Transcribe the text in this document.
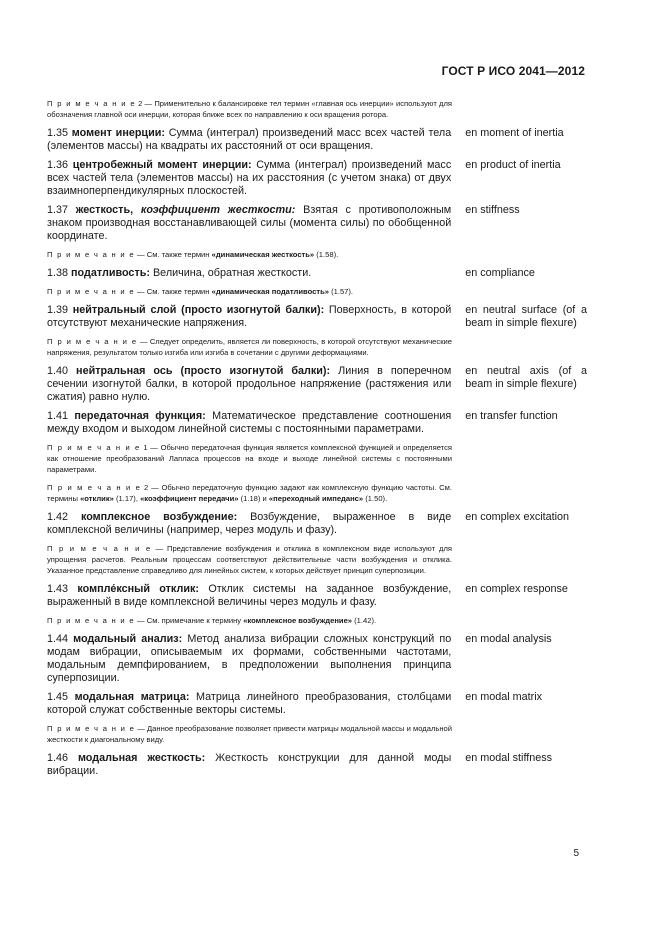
ГОСТ Р ИСО 2041—2012
П р и м е ч а н и е 2 — Применительно к балансировке тел термин «главная ось инерции» используют для обозначения главной оси инерции, которая ближе всех по направлению к оси вращения ротора.
1.35 момент инерции: Сумма (интеграл) произведений масс всех частей тела (элементов массы) на квадраты их расстояний от оси вращения.
en moment of inertia
1.36 центробежный момент инерции: Сумма (интеграл) произведений масс всех частей тела (элементов массы) на их расстояния (с учетом знака) от двух взаимноперпендикулярных плоскостей.
en product of inertia
1.37 жесткость, коэффициент жесткости: Взятая с противоположным знаком производная восстанавливающей силы (момента силы) по обобщенной координате.
en stiffness
П р и м е ч а н и е — См. также термин «динамическая жесткость» (1.58).
1.38 податливость: Величина, обратная жесткости.	en compliance
П р и м е ч а н и е — См. также термин «динамическая податливость» (1.57).
1.39 нейтральный слой (просто изогнутой балки): Поверхность, в которой отсутствуют механические напряжения.
en neutral surface (of a beam in simple flexure)
П р и м е ч а н и е — Следует определить, является ли поверхность, в которой отсутствуют механические напряжения, результатом только изгиба или изгиба в сочетании с другими деформациями.
1.40 нейтральная ось (просто изогнутой балки): Линия в поперечном сечении изогнутой балки, в которой продольное напряжение (растяжения или сжатия) равно нулю.
en neutral axis (of a beam in simple flexure)
1.41 передаточная функция: Математическое представление соотношения между входом и выходом линейной системы с постоянными параметрами.
en transfer function
П р и м е ч а н и е 1 — Обычно передаточная функция является комплексной функцией и определяется как отношение преобразований Лапласа процессов на входе и выходе линейной системы с постоянными параметрами.
П р и м е ч а н и е 2 — Обычно передаточную функцию задают как комплексную функцию частоты. См. термины «отклик» (1.17), «коэффициент передачи» (1.18) и «переходный импеданс» (1.50).
1.42 комплексное возбуждение: Возбуждение, выраженное в виде комплексной величины (например, через модуль и фазу).
en complex excitation
П р и м е ч а н и е — Представление возбуждения и отклика в комплексном виде используют для упрощения расчетов. Реальным процессам соответствуют действительные части возбуждения и отклика. Указанное представление справедливо для линейных систем, к которых действует принцип суперпозиции.
1.43 компле́ксный отклик: Отклик системы на заданное возбуждение, выраженный в виде комплексной величины через модуль и фазу.
en complex response
П р и м е ч а н и е — См. примечание к термину «комплексное возбуждение» (1.42).
1.44 модальный анализ: Метод анализа вибрации сложных конструкций по модам вибрации, описываемым их формами, собственными частотами, модальным демпфированием, в предположении выполнения принципа суперпозиции.
en modal analysis
1.45 модальная матрица: Матрица линейного преобразования, столбцами которой служат собственные векторы системы.
en modal matrix
П р и м е ч а н и е — Данное преобразование позволяет привести матрицы модальной массы и модальной жесткости к диагональному виду.
1.46 модальная жесткость: Жесткость конструкции для данной моды вибрации.
en modal stiffness
5
